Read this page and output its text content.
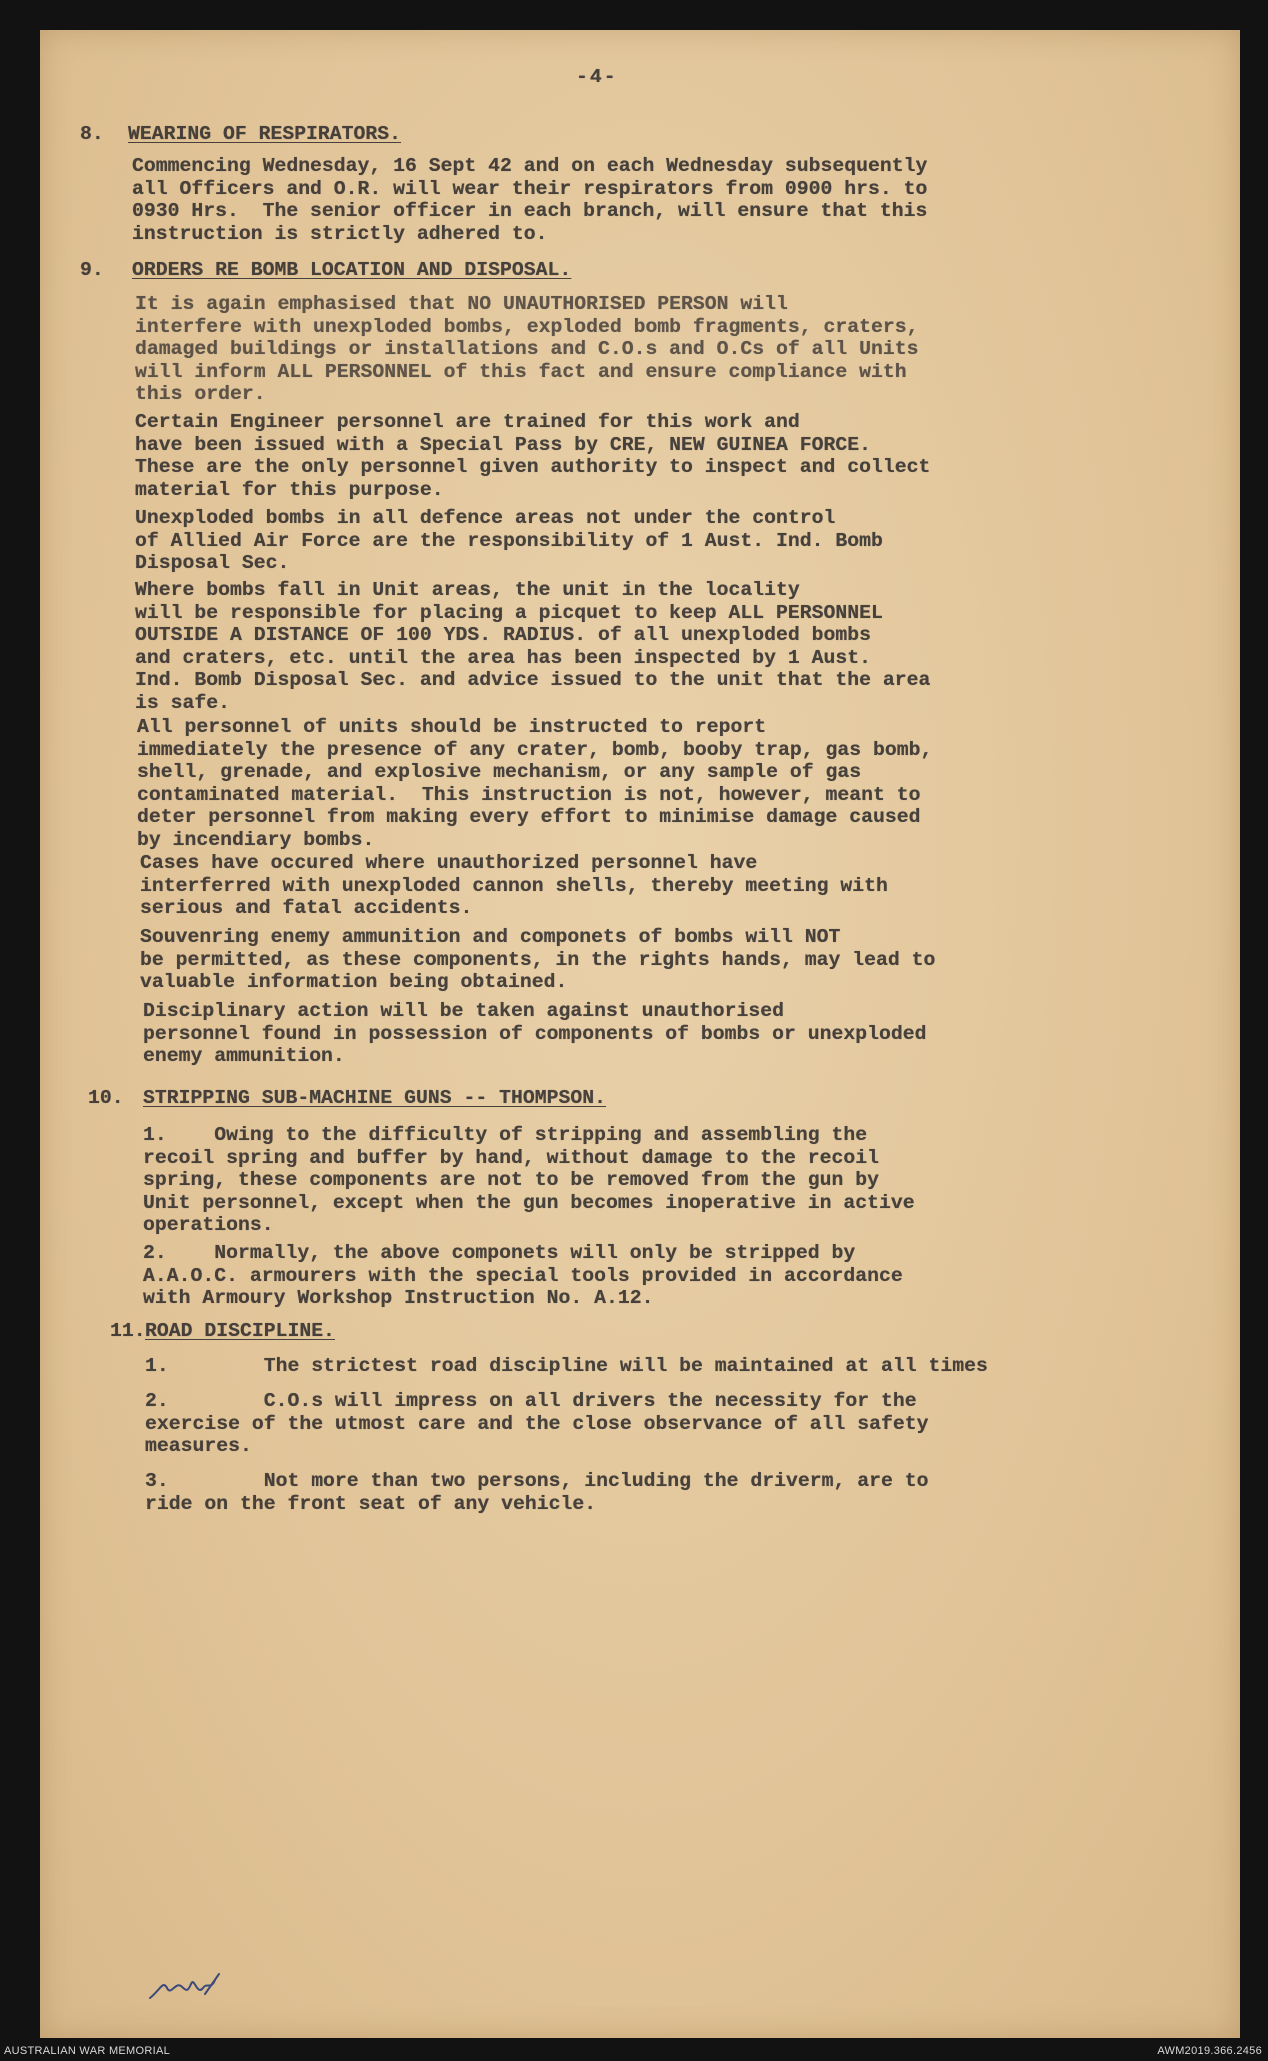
-4-
8. WEARING OF RESPIRATORS.
Commencing Wednesday, 16 Sept 42 and on each Wednesday subsequently
all Officers and O.R. will wear their respirators from 0900 hrs. to
0930 Hrs.  The senior officer in each branch, will ensure that this
instruction is strictly adhered to.
9. ORDERS RE BOMB LOCATION AND DISPOSAL.
It is again emphasised that NO UNAUTHORISED PERSON will
interfere with unexploded bombs, exploded bomb fragments, craters,
damaged buildings or installations and C.O.s and O.Cs of all Units
will inform ALL PERSONNEL of this fact and ensure compliance with
this order.
Certain Engineer personnel are trained for this work and
have been issued with a Special Pass by CRE, NEW GUINEA FORCE.
These are the only personnel given authority to inspect and collect
material for this purpose.
Unexploded bombs in all defence areas not under the control
of Allied Air Force are the responsibility of 1 Aust. Ind. Bomb
Disposal Sec.
Where bombs fall in Unit areas, the unit in the locality
will be responsible for placing a picquet to keep ALL PERSONNEL
OUTSIDE A DISTANCE OF 100 YDS. RADIUS. of all unexploded bombs
and craters, etc. until the area has been inspected by 1 Aust.
Ind. Bomb Disposal Sec. and advice issued to the unit that the area
is safe.
All personnel of units should be instructed to report
immediately the presence of any crater, bomb, booby trap, gas bomb,
shell, grenade, and explosive mechanism, or any sample of gas
contaminated material.  This instruction is not, however, meant to
deter personnel from making every effort to minimise damage caused
by incendiary bombs.
Cases have occured where unauthorized personnel have
interferred with unexploded cannon shells, thereby meeting with
serious and fatal accidents.
Souvenring enemy ammunition and componets of bombs will NOT
be permitted, as these components, in the rights hands, may lead to
valuable information being obtained.
Disciplinary action will be taken against unauthorised
personnel found in possession of components of bombs or unexploded
enemy ammunition.
10. STRIPPING SUB-MACHINE GUNS -- THOMPSON.
1.    Owing to the difficulty of stripping and assembling the
recoil spring and buffer by hand, without damage to the recoil
spring, these components are not to be removed from the gun by
Unit personnel, except when the gun becomes inoperative in active
operations.
2.    Normally, the above componets will only be stripped by
A.A.O.C. armourers with the special tools provided in accordance
with Armoury Workshop Instruction No. A.12.
11. ROAD DISCIPLINE.
1.        The strictest road discipline will be maintained at all times
2.        C.O.s will impress on all drivers the necessity for the
exercise of the utmost care and the close observance of all safety
measures.
3.        Not more than two persons, including the driverm, are to
ride on the front seat of any vehicle.
AUSTRALIAN WAR MEMORIAL	AWM2019.366.2456
